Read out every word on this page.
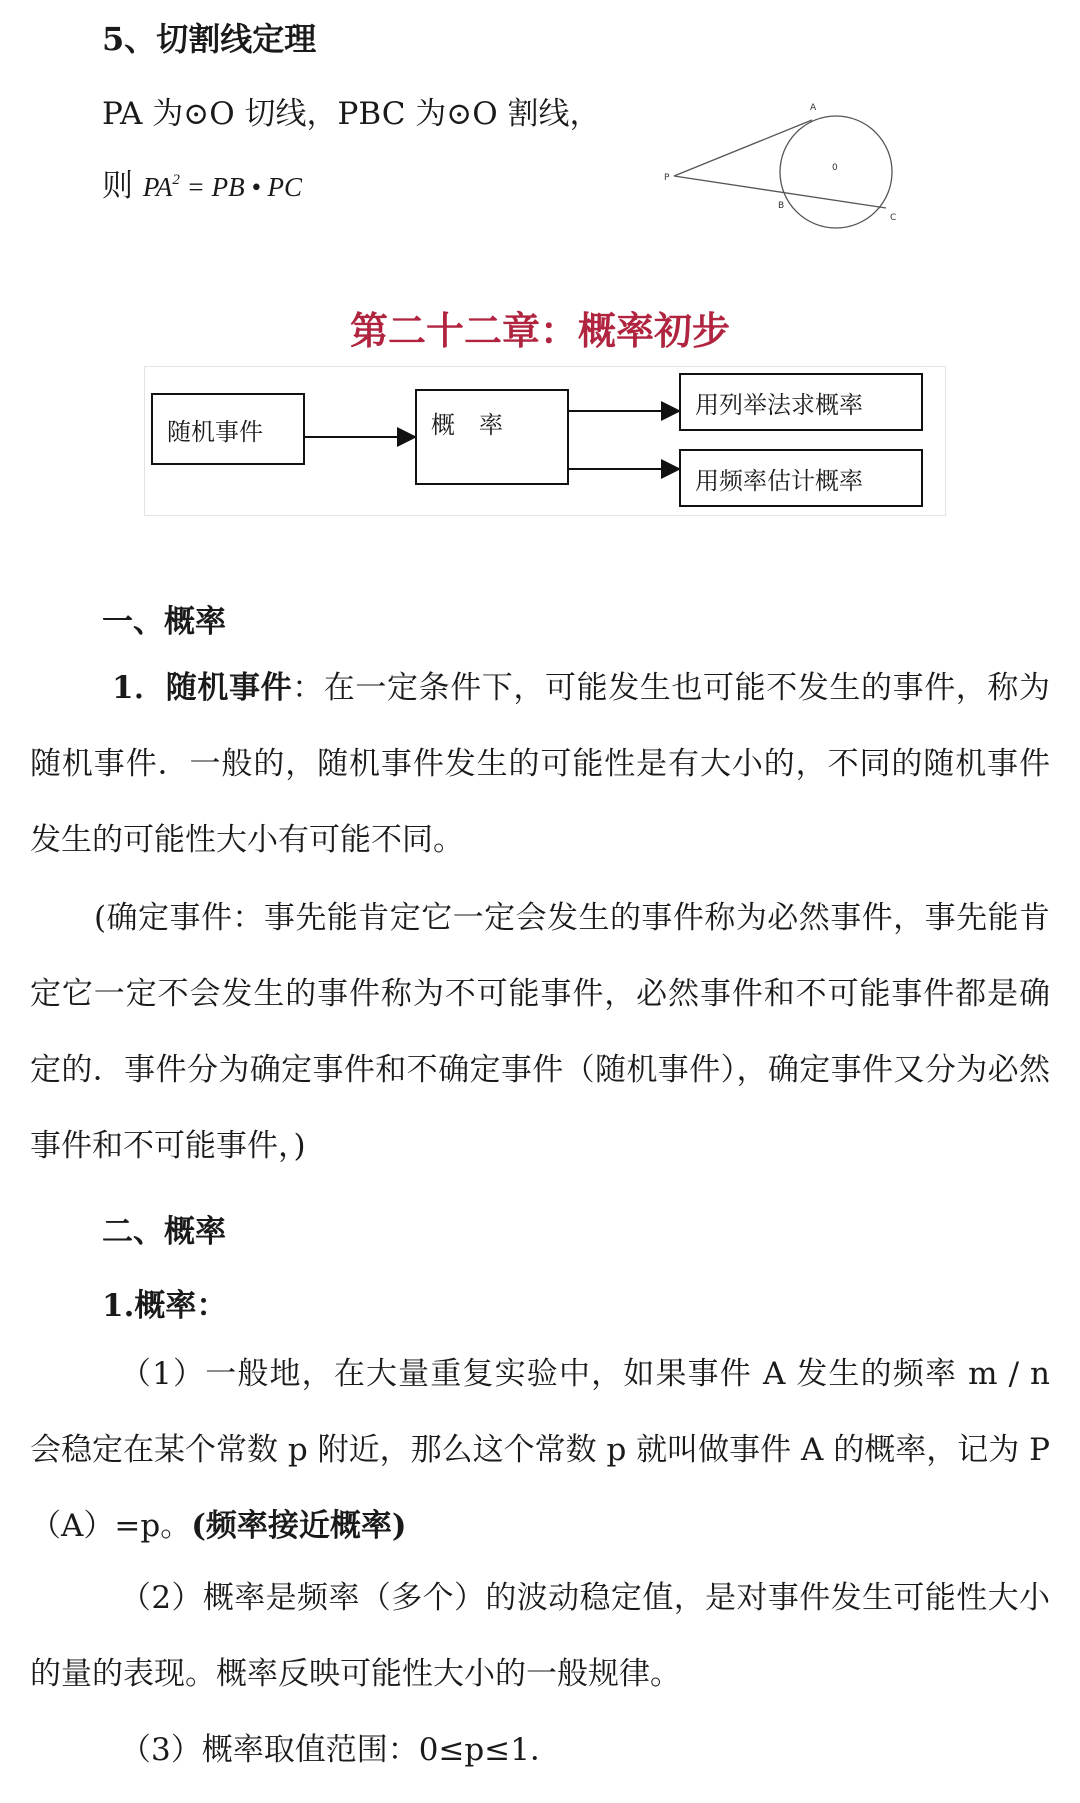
5、切割线定理
PA 为⊙O 切线，PBC 为⊙O 割线，
则 $PA^2$ = PB • PC	P
A
0
B
C
第二十二章：概率初步
随机事件	概　率
用列举法求概率
用频率估计概率
一、概率
1．随机事件：在一定条件下，可能发生也可能不发生的事件，称为随机事件．一般的，随机事件发生的可能性是有大小的，不同的随机事件发生的可能性大小有可能不同。
(确定事件：事先能肯定它一定会发生的事件称为必然事件，事先能肯定它一定不会发生的事件称为不可能事件，必然事件和不可能事件都是确定的．事件分为确定事件和不确定事件（随机事件），确定事件又分为必然事件和不可能事件，)
二、概率
1.概率：
（1）一般地，在大量重复实验中，如果事件 A 发生的频率 m / n 会稳定在某个常数 p 附近，那么这个常数 p 就叫做事件 A 的概率，记为 P（A）=p。(频率接近概率)
（2）概率是频率（多个）的波动稳定值，是对事件发生可能性大小的量的表现。概率反映可能性大小的一般规律。
（3）概率取值范围：0≤p≤1．
